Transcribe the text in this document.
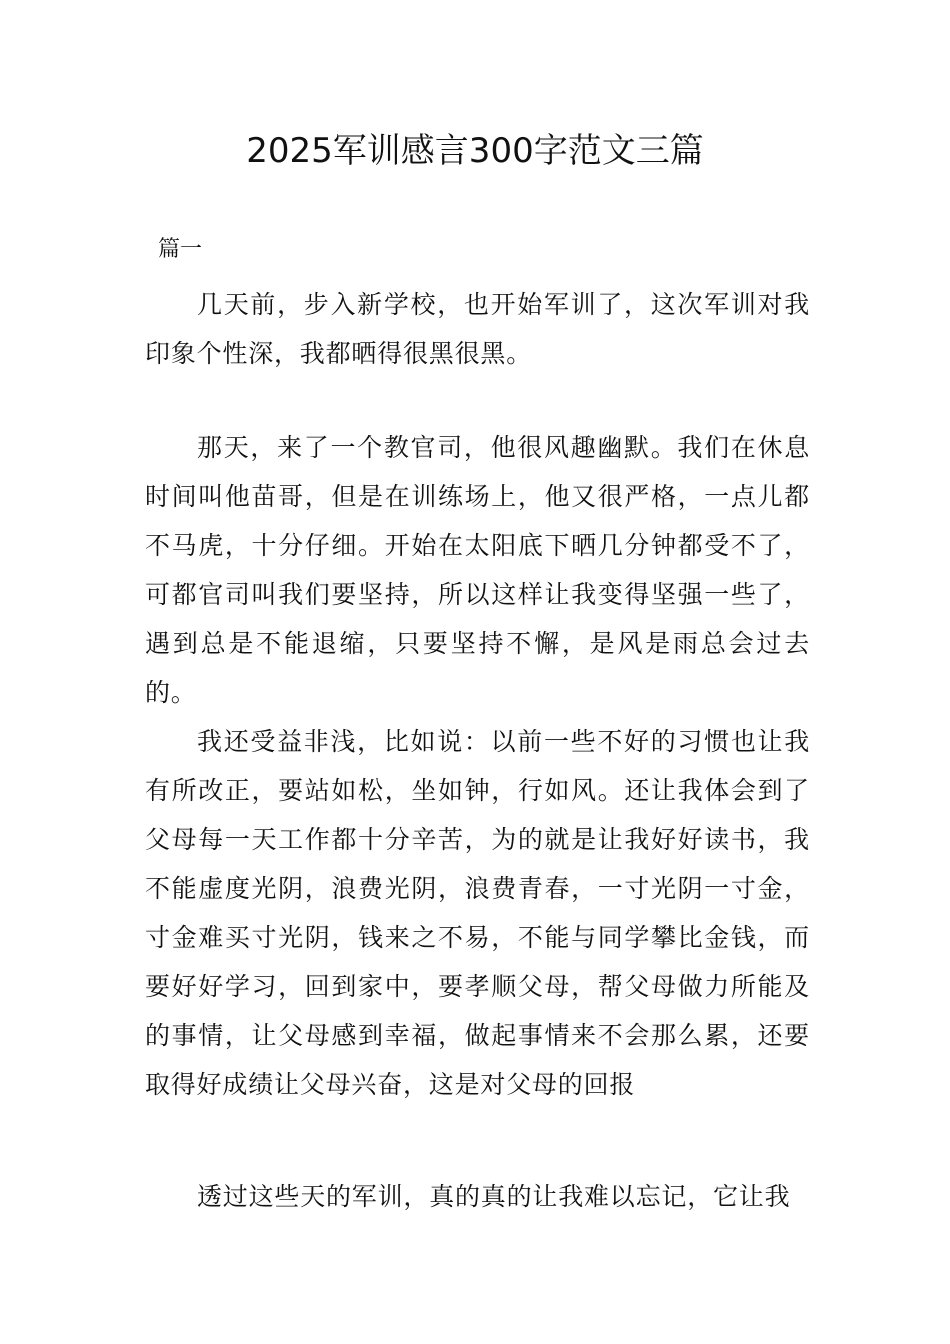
2025军训感言300字范文三篇

篇一

几天前，步入新学校，也开始军训了，这次军训对我印象个性深，我都晒得很黑很黑。

那天，来了一个教官司，他很风趣幽默。我们在休息时间叫他苗哥，但是在训练场上，他又很严格，一点儿都不马虎，十分仔细。开始在太阳底下晒几分钟都受不了，可都官司叫我们要坚持，所以这样让我变得坚强一些了，遇到总是不能退缩，只要坚持不懈，是风是雨总会过去的。

我还受益非浅，比如说：以前一些不好的习惯也让我有所改正，要站如松，坐如钟，行如风。还让我体会到了父母每一天工作都十分辛苦，为的就是让我好好读书，我不能虚度光阴，浪费光阴，浪费青春，一寸光阴一寸金，寸金难买寸光阴，钱来之不易，不能与同学攀比金钱，而要好好学习，回到家中，要孝顺父母，帮父母做力所能及的事情，让父母感到幸福，做起事情来不会那么累，还要取得好成绩让父母兴奋，这是对父母的回报

透过这些天的军训，真的真的让我难以忘记，它让我
